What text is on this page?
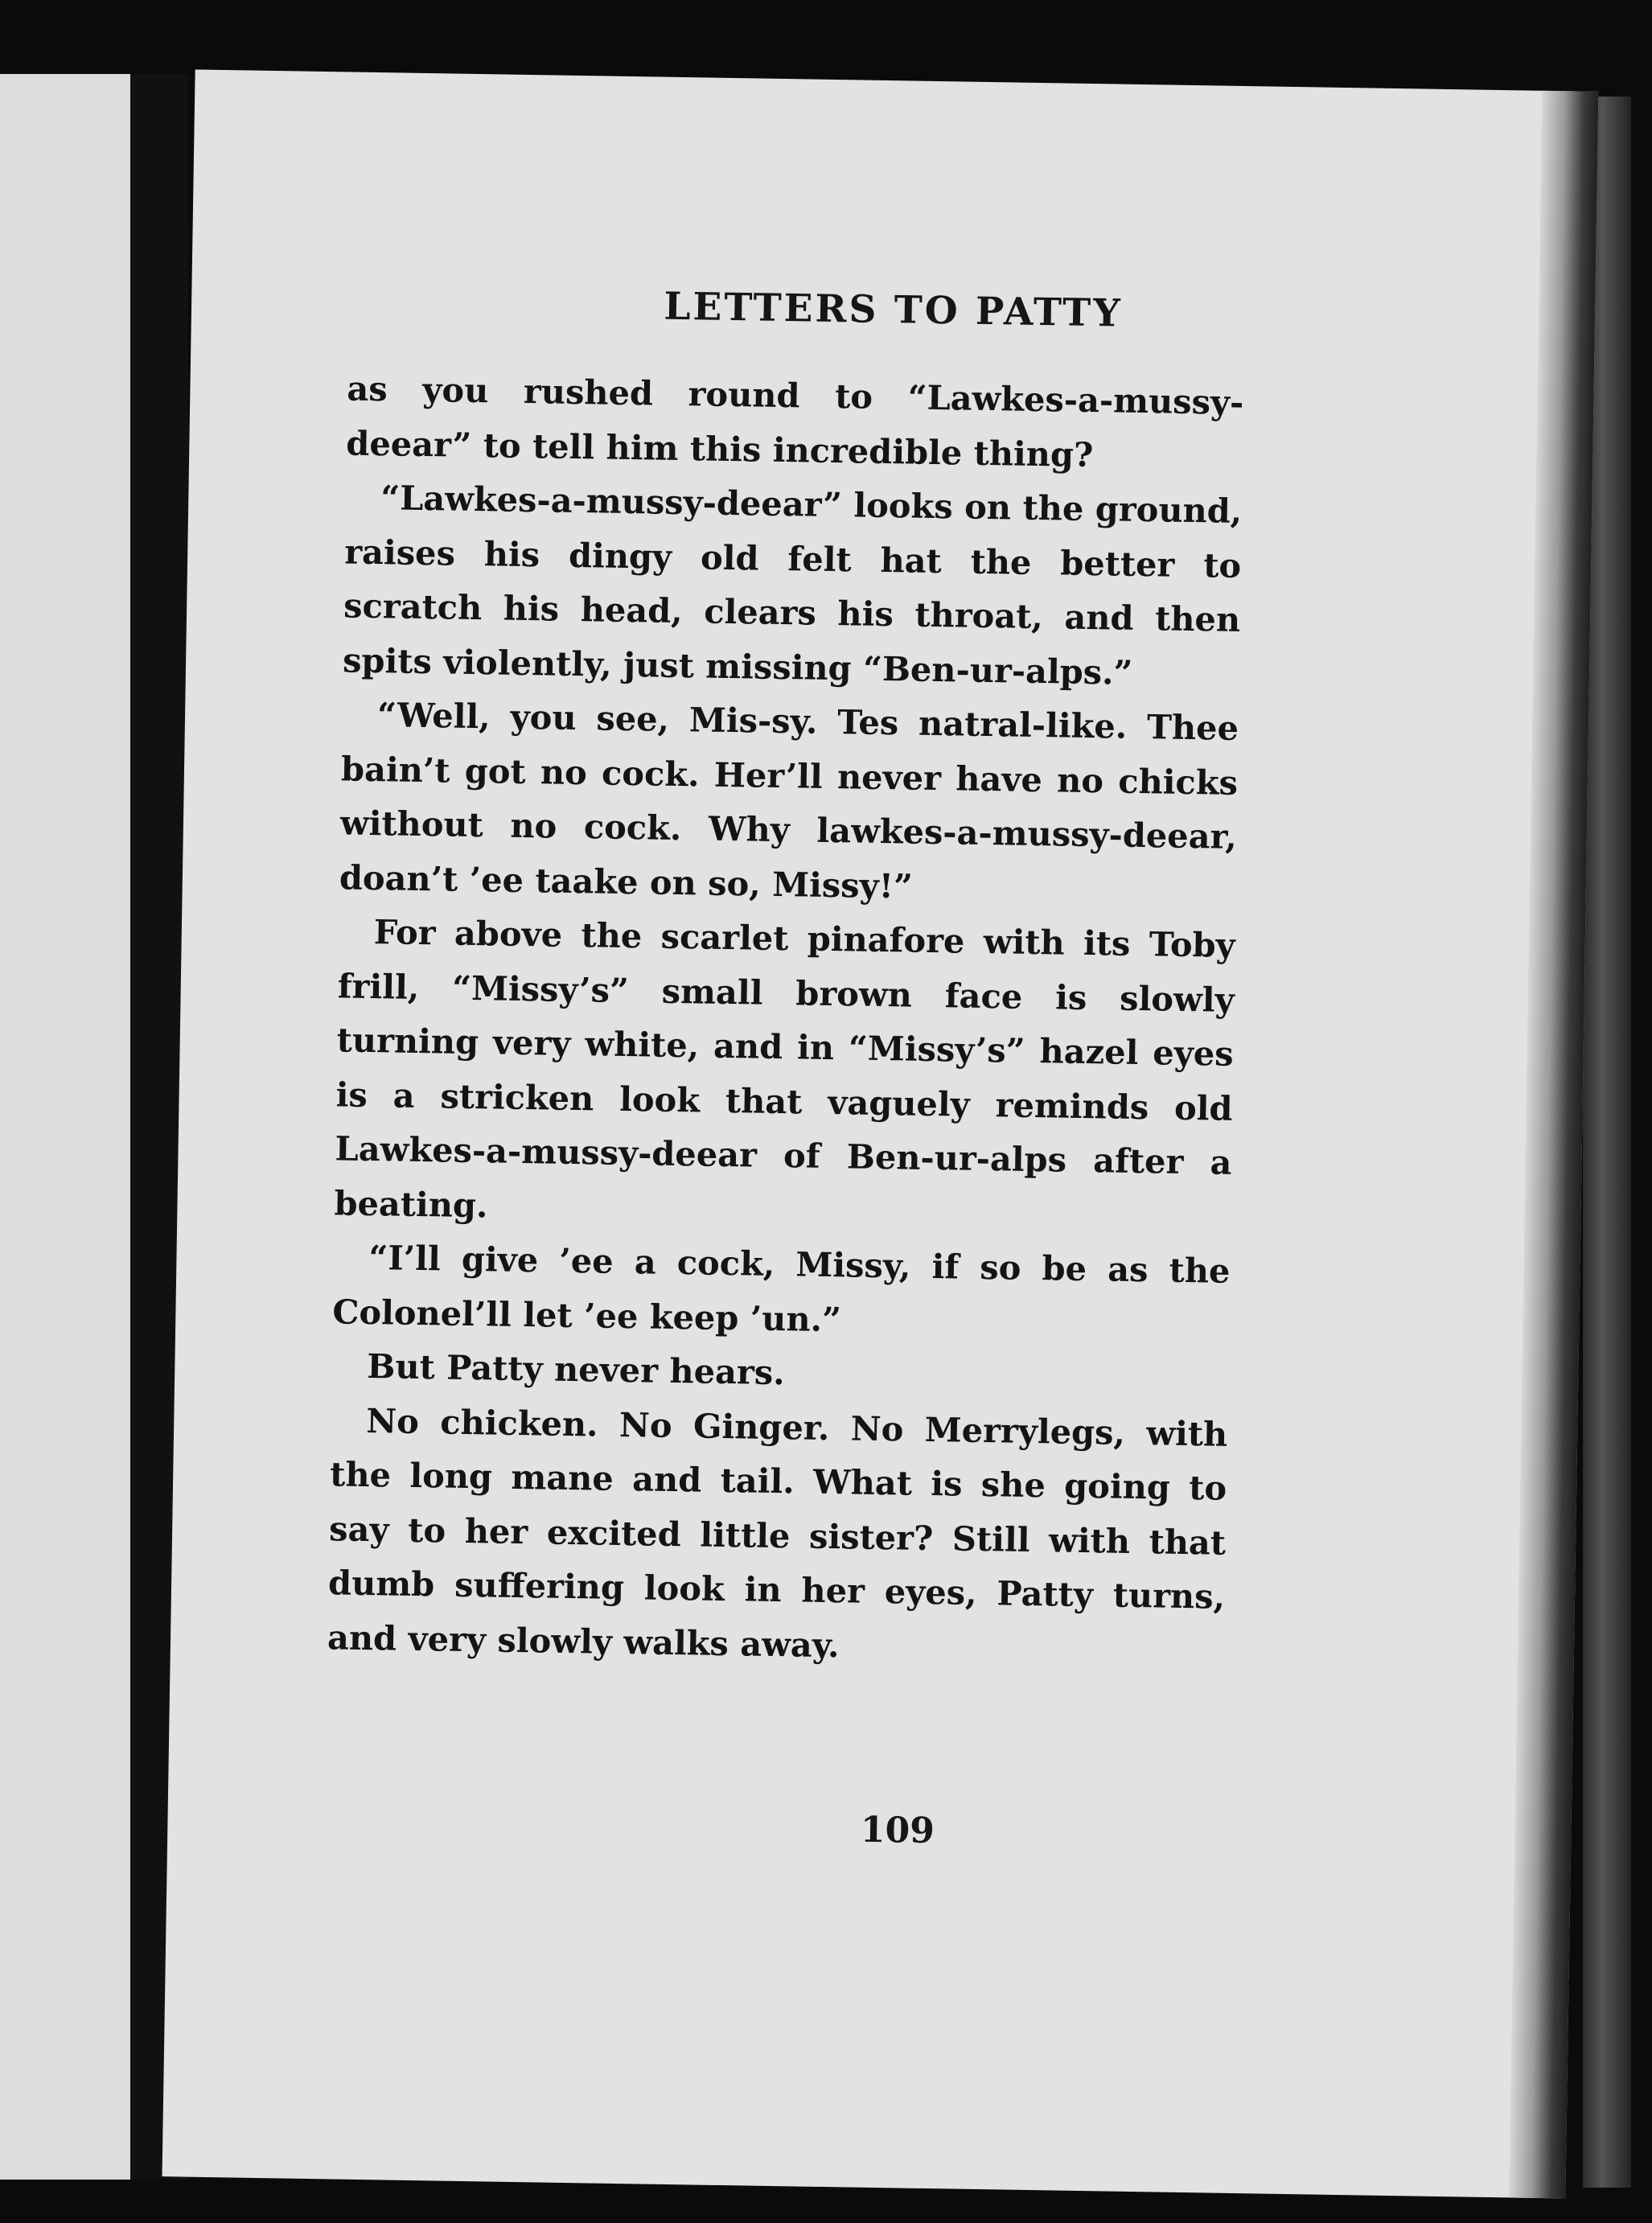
LETTERS TO PATTY

as you rushed round to “Lawkes-a-mussy-deear” to tell him this incredible thing?

“Lawkes-a-mussy-deear” looks on the ground, raises his dingy old felt hat the better to scratch his head, clears his throat, and then spits violently, just missing “Ben-ur-alps.”

“Well, you see, Mis-sy. Tes natral-like. Thee bain’t got no cock. Her’ll never have no chicks without no cock. Why lawkes-a-mussy-deear, doan’t ’ee taake on so, Missy!”

For above the scarlet pinafore with its Toby frill, “Missy’s” small brown face is slowly turning very white, and in “Missy’s” hazel eyes is a stricken look that vaguely reminds old Lawkes-a-mussy-deear of Ben-ur-alps after a beating.

“I’ll give ’ee a cock, Missy, if so be as the Colonel’ll let ’ee keep ’un.”

But Patty never hears.

No chicken. No Ginger. No Merrylegs, with the long mane and tail. What is she going to say to her excited little sister? Still with that dumb suffering look in her eyes, Patty turns, and very slowly walks away.

109
